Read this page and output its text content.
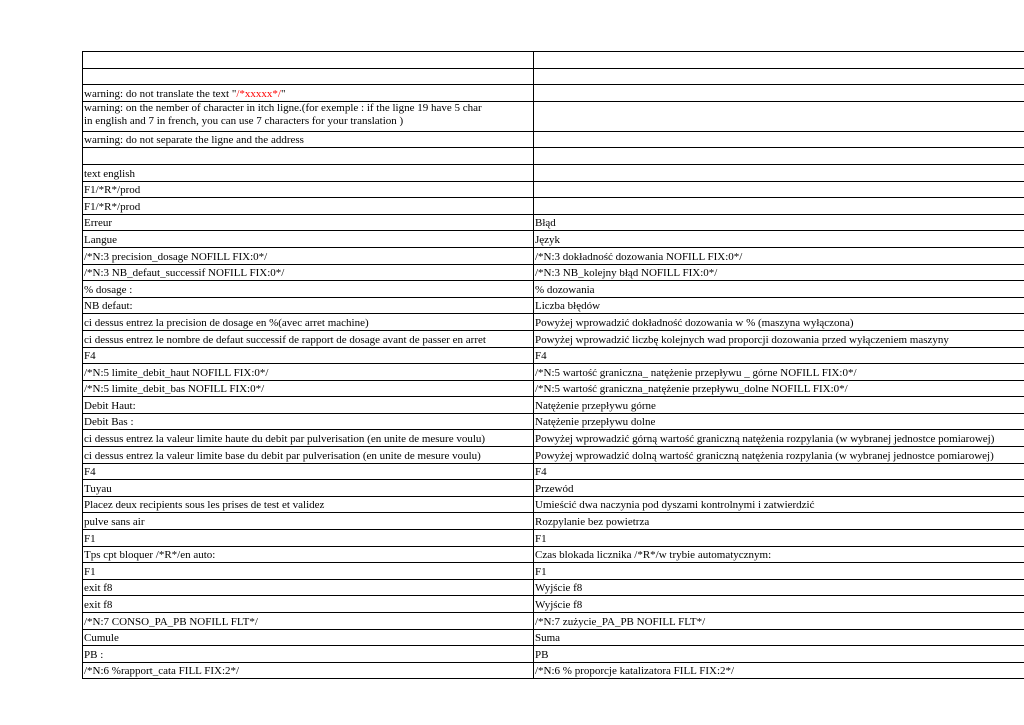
warning: do not translate the text "/*xxxxx*/"	
warning: on the nember of character in itch ligne.(for exemple : if the ligne 19 have 5 char
in english and 7 in french, you can use 7 characters for your translation )	
warning: do not separate the ligne and the address	

text english	
F1/*R*/prod	
F1/*R*/prod	
Erreur	Błąd
Langue	Język
/*N:3 precision_dosage NOFILL FIX:0*/	/*N:3 dokładność dozowania NOFILL FIX:0*/
/*N:3 NB_defaut_successif NOFILL FIX:0*/	/*N:3 NB_kolejny błąd NOFILL FIX:0*/
% dosage :	% dozowania
NB defaut:	Liczba błędów
ci dessus entrez la precision de dosage en %(avec arret machine)	Powyżej wprowadzić dokładność dozowania w % (maszyna wyłączona)
ci dessus entrez le nombre de defaut successif de rapport de dosage avant de passer en arret	Powyżej wprowadzić liczbę kolejnych wad proporcji dozowania przed wyłączeniem maszyny
F4	F4
/*N:5 limite_debit_haut NOFILL FIX:0*/	/*N:5 wartość graniczna_ natężenie przepływu _ górne NOFILL FIX:0*/
/*N:5 limite_debit_bas NOFILL FIX:0*/	/*N:5 wartość graniczna_natężenie przepływu_dolne NOFILL FIX:0*/
Debit Haut:	Natężenie przepływu górne
Debit Bas :	Natężenie przepływu dolne
ci dessus entrez la valeur limite haute du debit par pulverisation (en unite de mesure voulu)	Powyżej wprowadzić górną wartość graniczną natężenia rozpylania (w wybranej jednostce pomiarowej)
ci dessus entrez la valeur limite base du debit par pulverisation (en unite de mesure voulu)	Powyżej wprowadzić dolną wartość graniczną natężenia rozpylania (w wybranej jednostce pomiarowej)
F4	F4
Tuyau	Przewód
Placez deux recipients sous les prises de test et validez	Umieścić dwa naczynia pod dyszami kontrolnymi i zatwierdzić
pulve sans air	Rozpylanie bez powietrza
F1	F1
Tps cpt bloquer /*R*/en auto:	Czas blokada licznika /*R*/w trybie automatycznym:
F1	F1
exit f8	Wyjście f8
exit f8	Wyjście f8
/*N:7 CONSO_PA_PB NOFILL FLT*/	/*N:7 zużycie_PA_PB NOFILL FLT*/
Cumule	Suma
PB :	PB
/*N:6 %rapport_cata FILL FIX:2*/	/*N:6 % proporcje katalizatora FILL FIX:2*/
